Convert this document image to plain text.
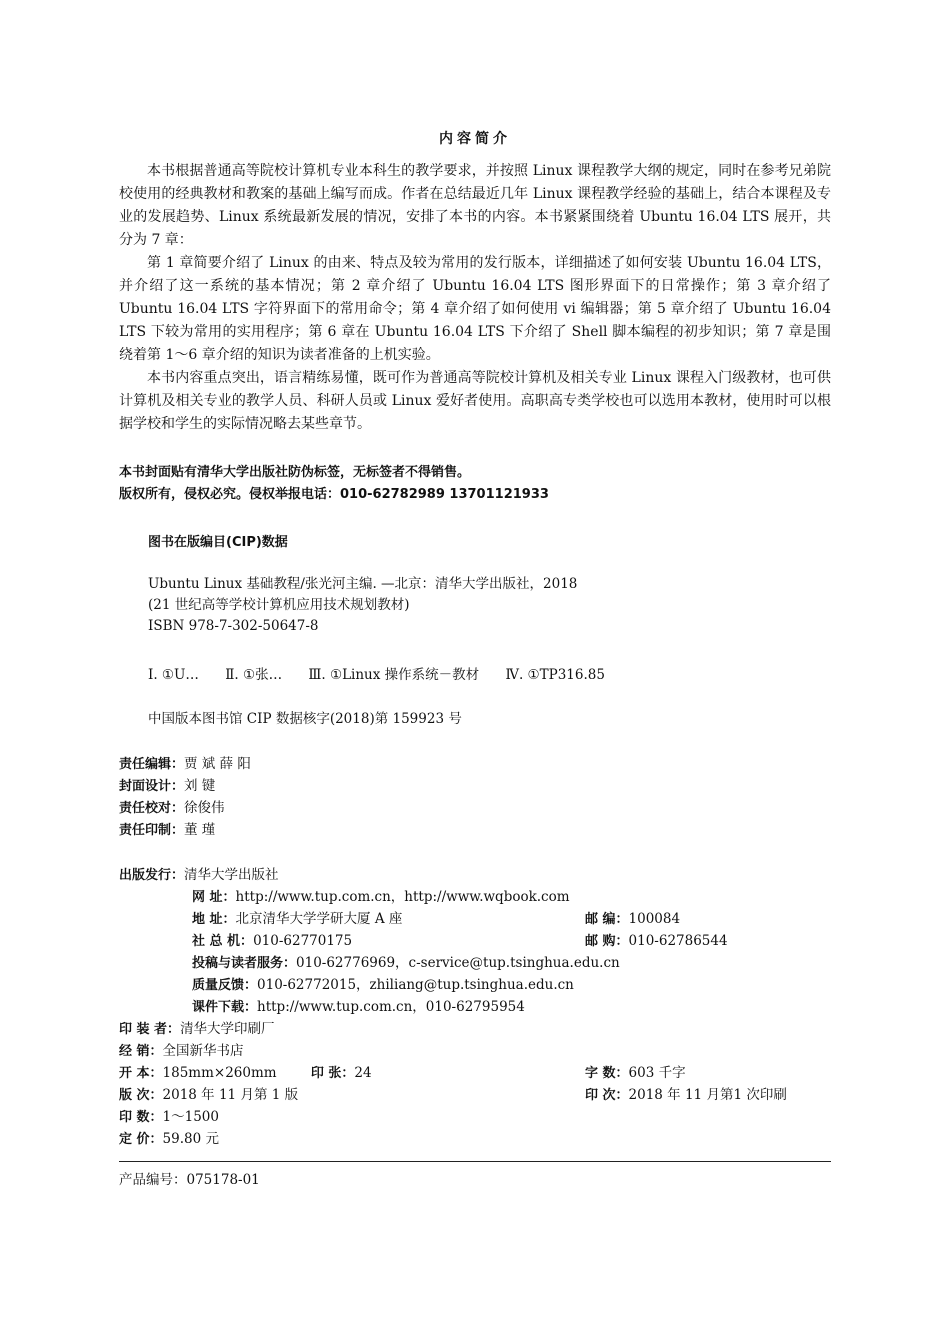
内容简介

本书根据普通高等院校计算机专业本科生的教学要求，并按照 Linux 课程教学大纲的规定，同时在参考兄弟院校使用的经典教材和教案的基础上编写而成。作者在总结最近几年 Linux 课程教学经验的基础上，结合本课程及专业的发展趋势、Linux 系统最新发展的情况，安排了本书的内容。本书紧紧围绕着 Ubuntu 16.04 LTS 展开，共分为 7 章：

第 1 章简要介绍了 Linux 的由来、特点及较为常用的发行版本，详细描述了如何安装 Ubuntu 16.04 LTS，并介绍了这一系统的基本情况；第 2 章介绍了 Ubuntu 16.04 LTS 图形界面下的日常操作；第 3 章介绍了 Ubuntu 16.04 LTS 字符界面下的常用命令；第 4 章介绍了如何使用 vi 编辑器；第 5 章介绍了 Ubuntu 16.04 LTS 下较为常用的实用程序；第 6 章在 Ubuntu 16.04 LTS 下介绍了 Shell 脚本编程的初步知识；第 7 章是围绕着第 1～6 章介绍的知识为读者准备的上机实验。

本书内容重点突出，语言精练易懂，既可作为普通高等院校计算机及相关专业 Linux 课程入门级教材，也可供计算机及相关专业的教学人员、科研人员或 Linux 爱好者使用。高职高专类学校也可以选用本教材，使用时可以根据学校和学生的实际情况略去某些章节。

本书封面贴有清华大学出版社防伪标签，无标签者不得销售。
版权所有，侵权必究。侵权举报电话：010-62782989 13701121933
图书在版编目(CIP)数据
Ubuntu Linux 基础教程/张光河主编. —北京：清华大学出版社，2018
(21 世纪高等学校计算机应用技术规划教材)
ISBN 978-7-302-50647-8
Ⅰ. ①U… Ⅱ. ①张… Ⅲ. ①Linux 操作系统－教材 Ⅳ. ①TP316.85
中国版本图书馆 CIP 数据核字(2018)第 159923 号
责任编辑：贾 斌 薛 阳
封面设计：刘 键
责任校对：徐俊伟
责任印制：董 瑾
出版发行：清华大学出版社
网 址：http://www.tup.com.cn，http://www.wqbook.com
地 址：北京清华大学学研大厦 A 座	邮 编：100084
社 总 机：010-62770175	邮 购：010-62786544
投稿与读者服务：010-62776969，c-service@tup.tsinghua.edu.cn
质量反馈：010-62772015，zhiliang@tup.tsinghua.edu.cn
课件下载：http://www.tup.com.cn，010-62795954
印 装 者：清华大学印刷厂
经 销：全国新华书店
开 本：185mm×260mm	印 张：24	字 数：603 千字
版 次：2018 年 11 月第 1 版	印 次：2018 年 11 月第1 次印刷
印 数：1～1500
定 价：59.80 元
产品编号：075178-01
